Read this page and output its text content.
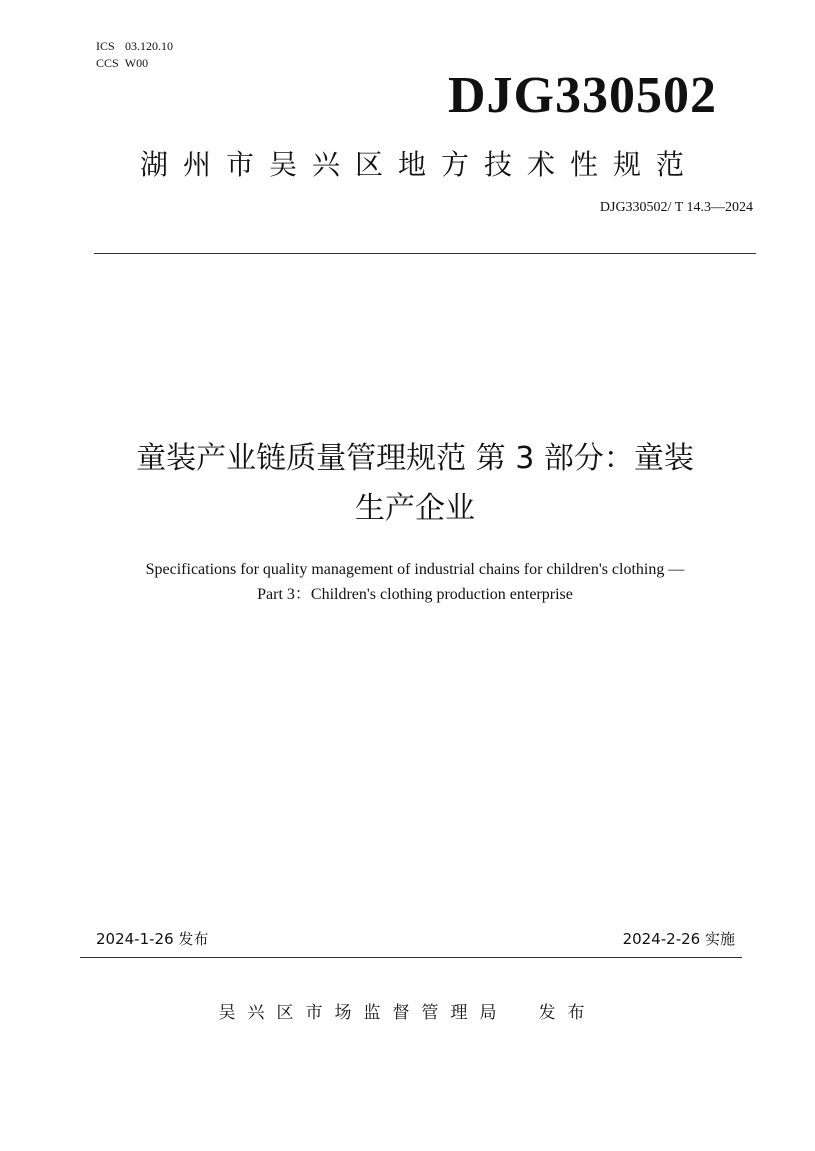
ICS 03.120.10
CCS W00
DJG330502
湖州市吴兴区地方技术性规范
DJG330502/ T 14.3—2024
童装产业链质量管理规范 第 3 部分：童装
生产企业
Specifications for quality management of industrial chains for children's clothing —
Part 3：Children's clothing production enterprise
2024-1-26 发布	2024-2-26 实施
吴兴区市场监督管理局 发布
